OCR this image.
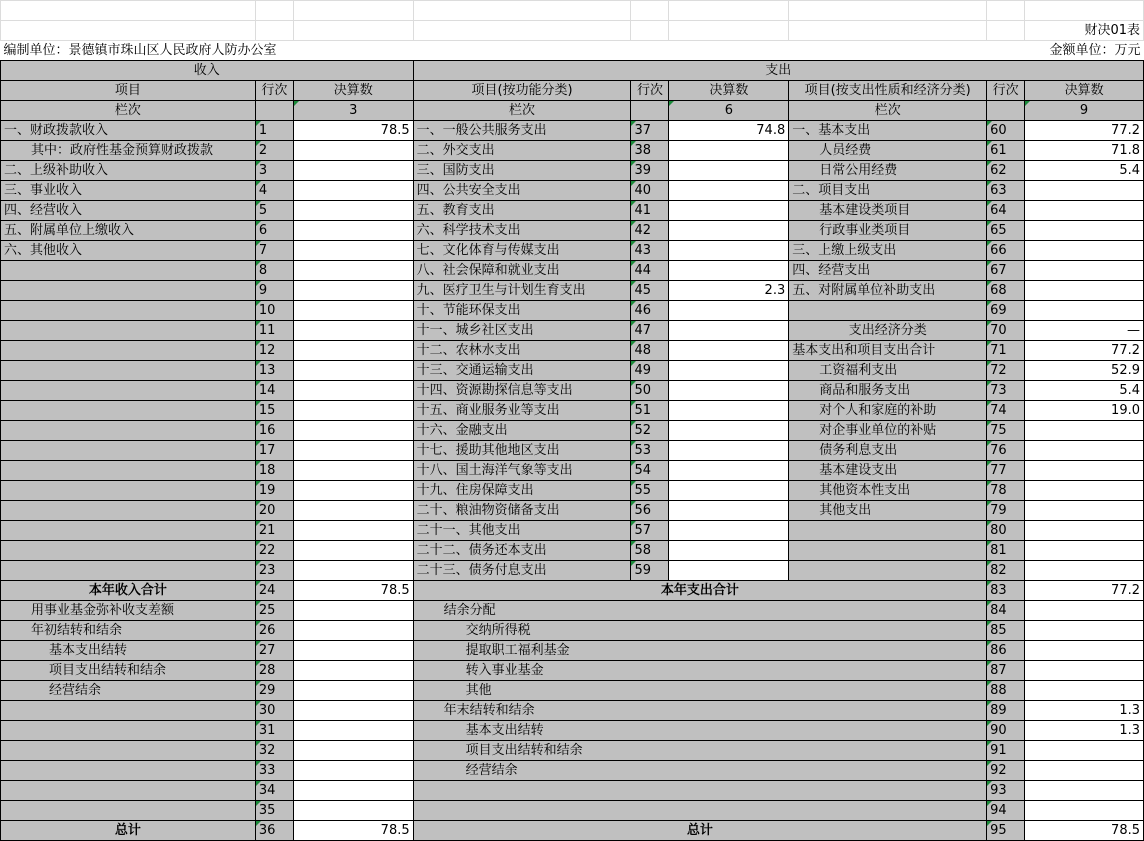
								财决01表
编制单位：景德镇市珠山区人民政府人防办公室						金额单位：万元		
收入			支出					
项目	行次	决算数	项目(按功能分类)	行次	决算数	项目(按支出性质和经济分类)	行次	决算数
栏次		3	栏次		6	栏次		9
一、财政拨款收入	1	78.5	一、一般公共服务支出	37	74.8	一、基本支出	60	77.2
其中：政府性基金预算财政拨款	2		二、外交支出	38		人员经费	61	71.8
二、上级补助收入	3		三、国防支出	39		日常公用经费	62	5.4
三、事业收入	4		四、公共安全支出	40		二、项目支出	63	
四、经营收入	5		五、教育支出	41		基本建设类项目	64	
五、附属单位上缴收入	6		六、科学技术支出	42		行政事业类项目	65	
六、其他收入	7		七、文化体育与传媒支出	43		三、上缴上级支出	66	
	8		八、社会保障和就业支出	44		四、经营支出	67	
	9		九、医疗卫生与计划生育支出	45	2.3	五、对附属单位补助支出	68	
	10		十、节能环保支出	46			69	
	11		十一、城乡社区支出	47		支出经济分类	70	—
	12		十二、农林水支出	48		基本支出和项目支出合计	71	77.2
	13		十三、交通运输支出	49		工资福利支出	72	52.9
	14		十四、资源勘探信息等支出	50		商品和服务支出	73	5.4
	15		十五、商业服务业等支出	51		对个人和家庭的补助	74	19.0
	16		十六、金融支出	52		对企事业单位的补贴	75	
	17		十七、援助其他地区支出	53		债务利息支出	76	
	18		十八、国土海洋气象等支出	54		基本建设支出	77	
	19		十九、住房保障支出	55		其他资本性支出	78	
	20		二十、粮油物资储备支出	56		其他支出	79	
	21		二十一、其他支出	57			80	
	22		二十二、债务还本支出	58			81	
	23		二十三、债务付息支出	59			82	
本年收入合计	24	78.5	本年支出合计				83	77.2
用事业基金弥补收支差额	25		结余分配				84	
年初结转和结余	26		交纳所得税				85	
基本支出结转	27		提取职工福利基金				86	
项目支出结转和结余	28		转入事业基金				87	
经营结余	29		其他				88	
	30		年末结转和结余				89	1.3
	31		基本支出结转				90	1.3
	32		项目支出结转和结余				91	
	33		经营结余				92	
	34						93	
	35						94	
总计	36	78.5	总计				95	78.5
